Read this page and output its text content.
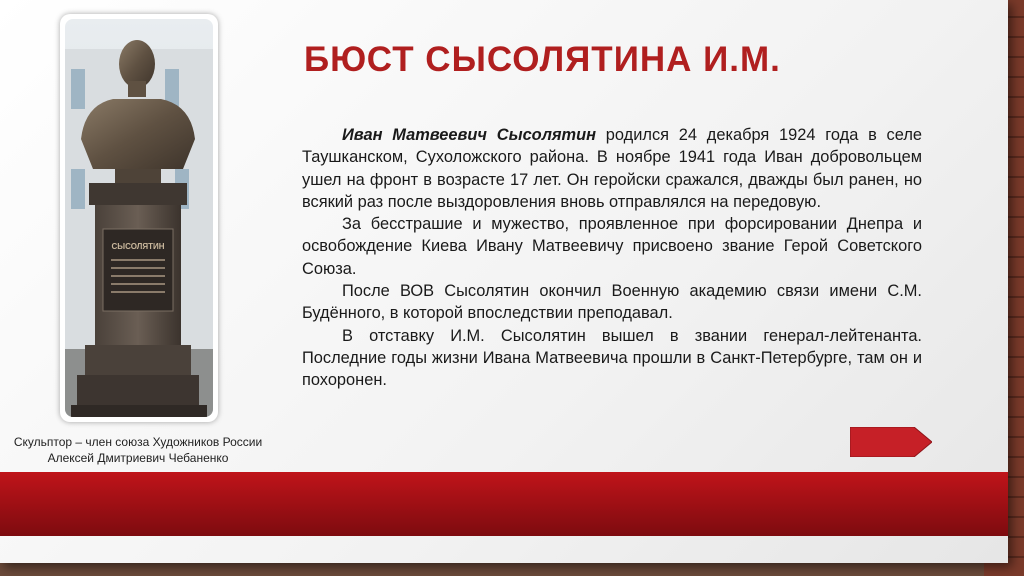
СЫСОЛЯТИН
БЮСТ СЫСОЛЯТИНА И.М.

Иван Матвеевич Сысолятин родился 24 декабря 1924 года в селе Таушканском, Сухоложского района. В ноябре 1941 года Иван добровольцем ушел на фронт в возрасте 17 лет. Он геройски сражался, дважды был ранен, но всякий раз после выздоровления вновь отправлялся на передовую.

За бесстрашие и мужество, проявленное при форсировании Днепра и освобождение Киева Ивану Матвеевичу присвоено звание Герой Советского Союза.

После ВОВ Сысолятин окончил Военную академию связи имени С.М. Будённого, в которой впоследствии преподавал.

В отставку И.М. Сысолятин вышел в звании генерал-лейтенанта. Последние годы жизни Ивана Матвеевича прошли в Санкт-Петербурге, там он и похоронен.

Скульптор – член союза Художников России
Алексей Дмитриевич Чебаненко
